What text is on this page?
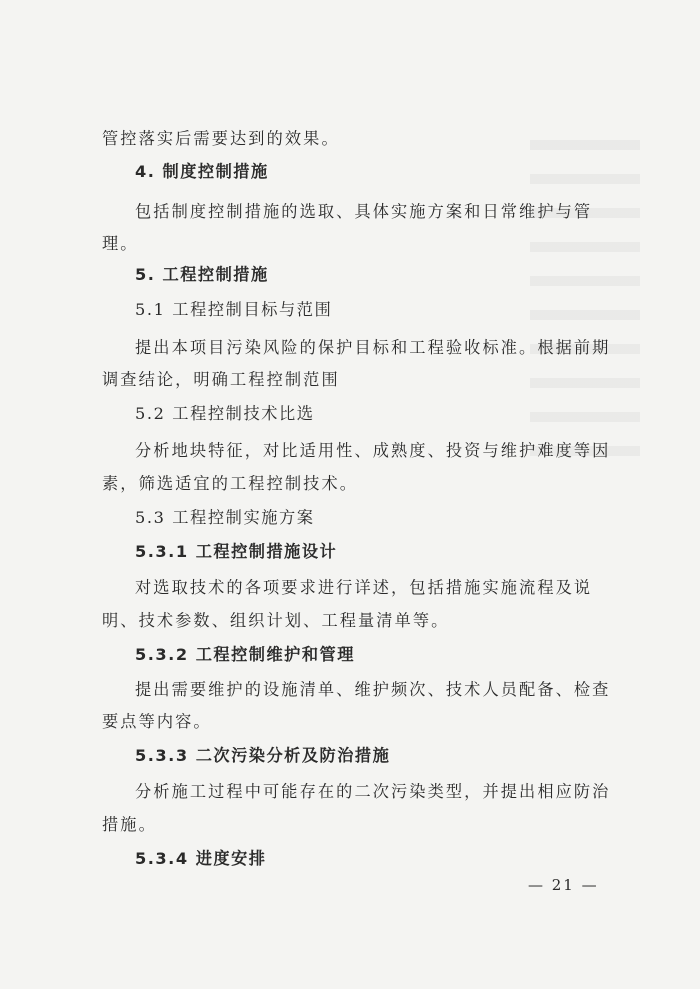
管控落实后需要达到的效果。
4. 制度控制措施
包括制度控制措施的选取、具体实施方案和日常维护与管
理。
5. 工程控制措施
5.1 工程控制目标与范围
提出本项目污染风险的保护目标和工程验收标准。根据前期
调查结论，明确工程控制范围
5.2 工程控制技术比选
分析地块特征，对比适用性、成熟度、投资与维护难度等因
素，筛选适宜的工程控制技术。
5.3 工程控制实施方案
5.3.1 工程控制措施设计
对选取技术的各项要求进行详述，包括措施实施流程及说
明、技术参数、组织计划、工程量清单等。
5.3.2 工程控制维护和管理
提出需要维护的设施清单、维护频次、技术人员配备、检查
要点等内容。
5.3.3 二次污染分析及防治措施
分析施工过程中可能存在的二次污染类型，并提出相应防治
措施。
5.3.4 进度安排
— 21 —
